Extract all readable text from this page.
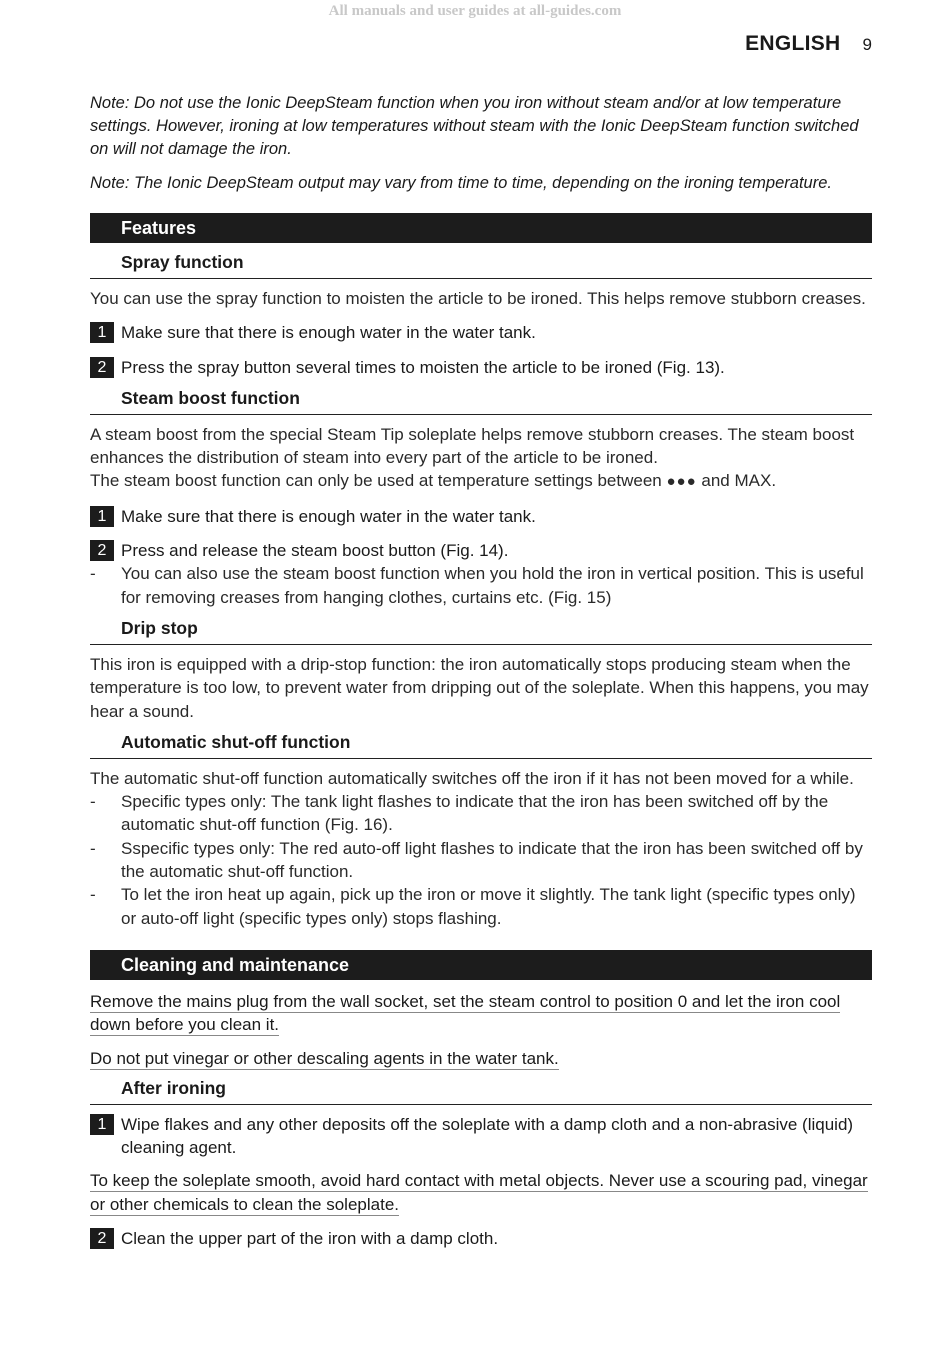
All manuals and user guides at all-guides.com
ENGLISH 9

Note: Do not use the Ionic DeepSteam function when you iron without steam and/or at low temperature settings. However, ironing at low temperatures without steam with the Ionic DeepSteam function switched on will not damage the iron.

Note: The Ionic DeepSteam output may vary from time to time, depending on the ironing temperature.

Features
Spray function

You can use the spray function to moisten the article to be ironed. This helps remove stubborn creases.

1 Make sure that there is enough water in the water tank.
2 Press the spray button several times to moisten the article to be ironed (Fig. 13).
Steam boost function

A steam boost from the special Steam Tip soleplate helps remove stubborn creases. The steam boost enhances the distribution of steam into every part of the article to be ironed.

The steam boost function can only be used at temperature settings between ●●● and MAX.

1 Make sure that there is enough water in the water tank.
2 Press and release the steam boost button (Fig. 14).
-	You can also use the steam boost function when you hold the iron in vertical position. This is useful for removing creases from hanging clothes, curtains etc. (Fig. 15)
Drip stop

This iron is equipped with a drip-stop function: the iron automatically stops producing steam when the temperature is too low, to prevent water from dripping out of the soleplate. When this happens, you may hear a sound.

Automatic shut-off function

The automatic shut-off function automatically switches off the iron if it has not been moved for a while.

-	Specific types only: The tank light flashes to indicate that the iron has been switched off by the automatic shut-off function (Fig. 16).
-	Sspecific types only: The red auto-off light flashes to indicate that the iron has been switched off by the automatic shut-off function.
-	To let the iron heat up again, pick up the iron or move it slightly. The tank light (specific types only) or auto-off light (specific types only) stops flashing.
Cleaning and maintenance
Remove the mains plug from the wall socket, set the steam control to position 0 and let the iron cool down before you clean it.
Do not put vinegar or other descaling agents in the water tank.
After ironing
1 Wipe flakes and any other deposits off the soleplate with a damp cloth and a non-abrasive (liquid) cleaning agent.
To keep the soleplate smooth, avoid hard contact with metal objects. Never use a scouring pad, vinegar or other chemicals to clean the soleplate.
2 Clean the upper part of the iron with a damp cloth.
